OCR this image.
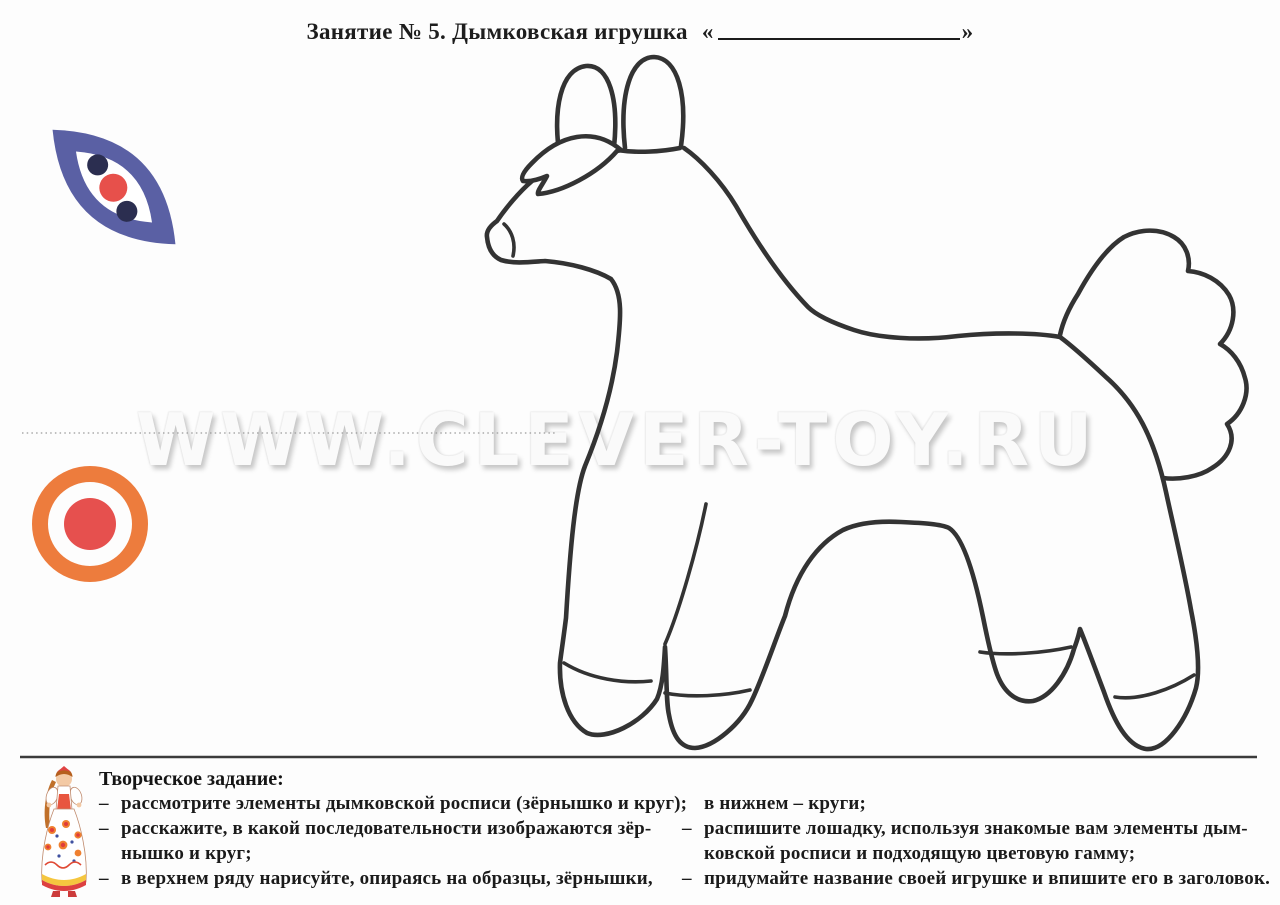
Занятие № 5. Дымковская игрушка «	»
WWW.CLEVER-TOY.RU
Творческое задание:
– рассмотрите элементы дымковской росписи (зёрнышко и круг);
– расскажите, в какой последовательности изображаются зёр-
нышко и круг;
– в верхнем ряду нарисуйте, опираясь на образцы, зёрнышки,
в нижнем – круги;
– распишите лошадку, используя знакомые вам элементы дым-
ковской росписи и подходящую цветовую гамму;
– придумайте название своей игрушке и впишите его в заголовок.
